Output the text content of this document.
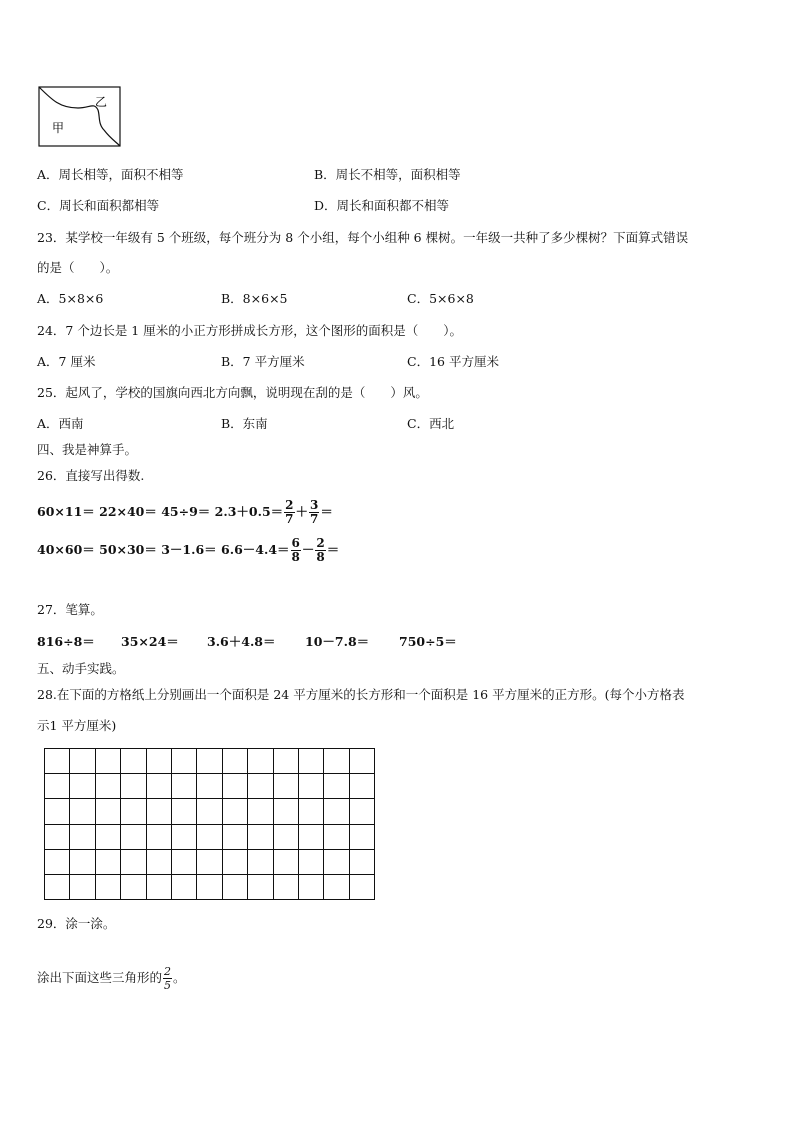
甲
乙
A．周长相等，面积不相等	B．周长不相等，面积相等
C．周长和面积都相等	D．周长和面积都不相等
23．某学校一年级有 5 个班级，每个班分为 8 个小组，每个小组种 6 棵树。一年级一共种了多少棵树？下面算式错误
的是（　　）。
A．5×8×6	B．8×6×5	C．5×6×8
24．7 个边长是 1 厘米的小正方形拼成长方形，这个图形的面积是（　　）。
A．7 厘米	B．7 平方厘米	C．16 平方厘米
25．起风了，学校的国旗向西北方向飘，说明现在刮的是（　　）风。
A．西南	B．东南	C．西北
四、我是神算手。
26．直接写出得数.
$60\times 11= 22\times 40= 45\div 9= 2.3+0.5= \frac{2}{7} + \frac{3}{7}$ ＝
$40\times 60= 50\times 30= 3-1.6= 6.6-4.4= \frac{6}{8} - \frac{2}{8}$ ＝
27．笔算。
816÷8＝ 35×24＝ 3.6＋4.8＝ 10－7.8＝ 750÷5＝
五、动手实践。
28.在下面的方格纸上分别画出一个面积是 24 平方厘米的长方形和一个面积是 16 平方厘米的正方形。(每个小方格表
示1 平方厘米)

29．涂一涂。
涂出下面这些三角形的 $\frac{2}{5}$ 。
